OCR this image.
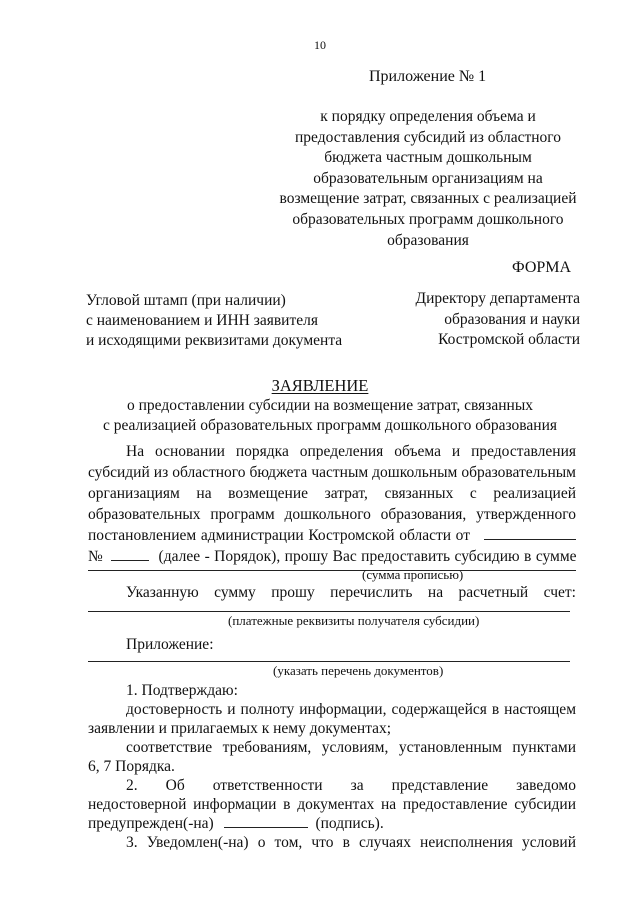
10
Приложение № 1
к порядку определения объема и
предоставления субсидий из областного
бюджета частным дошкольным
образовательным организациям на
возмещение затрат, связанных с реализацией
образовательных программ дошкольного
образования
ФОРМА
Угловой штамп (при наличии)
с наименованием и ИНН заявителя
и исходящими реквизитами документа
Директору департамента
образования и науки
Костромской области
ЗАЯВЛЕНИЕ
о предоставлении субсидии на возмещение затрат, связанных
с реализацией образовательных программ дошкольного образования
На основании порядка определения объема и предоставления
субсидий из областного бюджета частным дошкольным образовательным
организациям на возмещение затрат, связанных с реализацией
образовательных программ дошкольного образования, утвержденного
постановлением администрации Костромской области от
№	(далее - Порядок), прошу Вас предоставить субсидию в сумме
(сумма прописью)
Указанную сумму прошу перечислить на расчетный счет:
(платежные реквизиты получателя субсидии)
Приложение:
(указать перечень документов)
1. Подтверждаю:
достоверность и полноту информации, содержащейся в настоящем
заявлении и прилагаемых к нему документах;
соответствие требованиям, условиям, установленным пунктами
6, 7 Порядка.
2. Об ответственности за представление заведомо
недостоверной информации в документах на предоставление субсидии
предупрежден(-на)	(подпись).
3. Уведомлен(-на) о том, что в случаях неисполнения условий
